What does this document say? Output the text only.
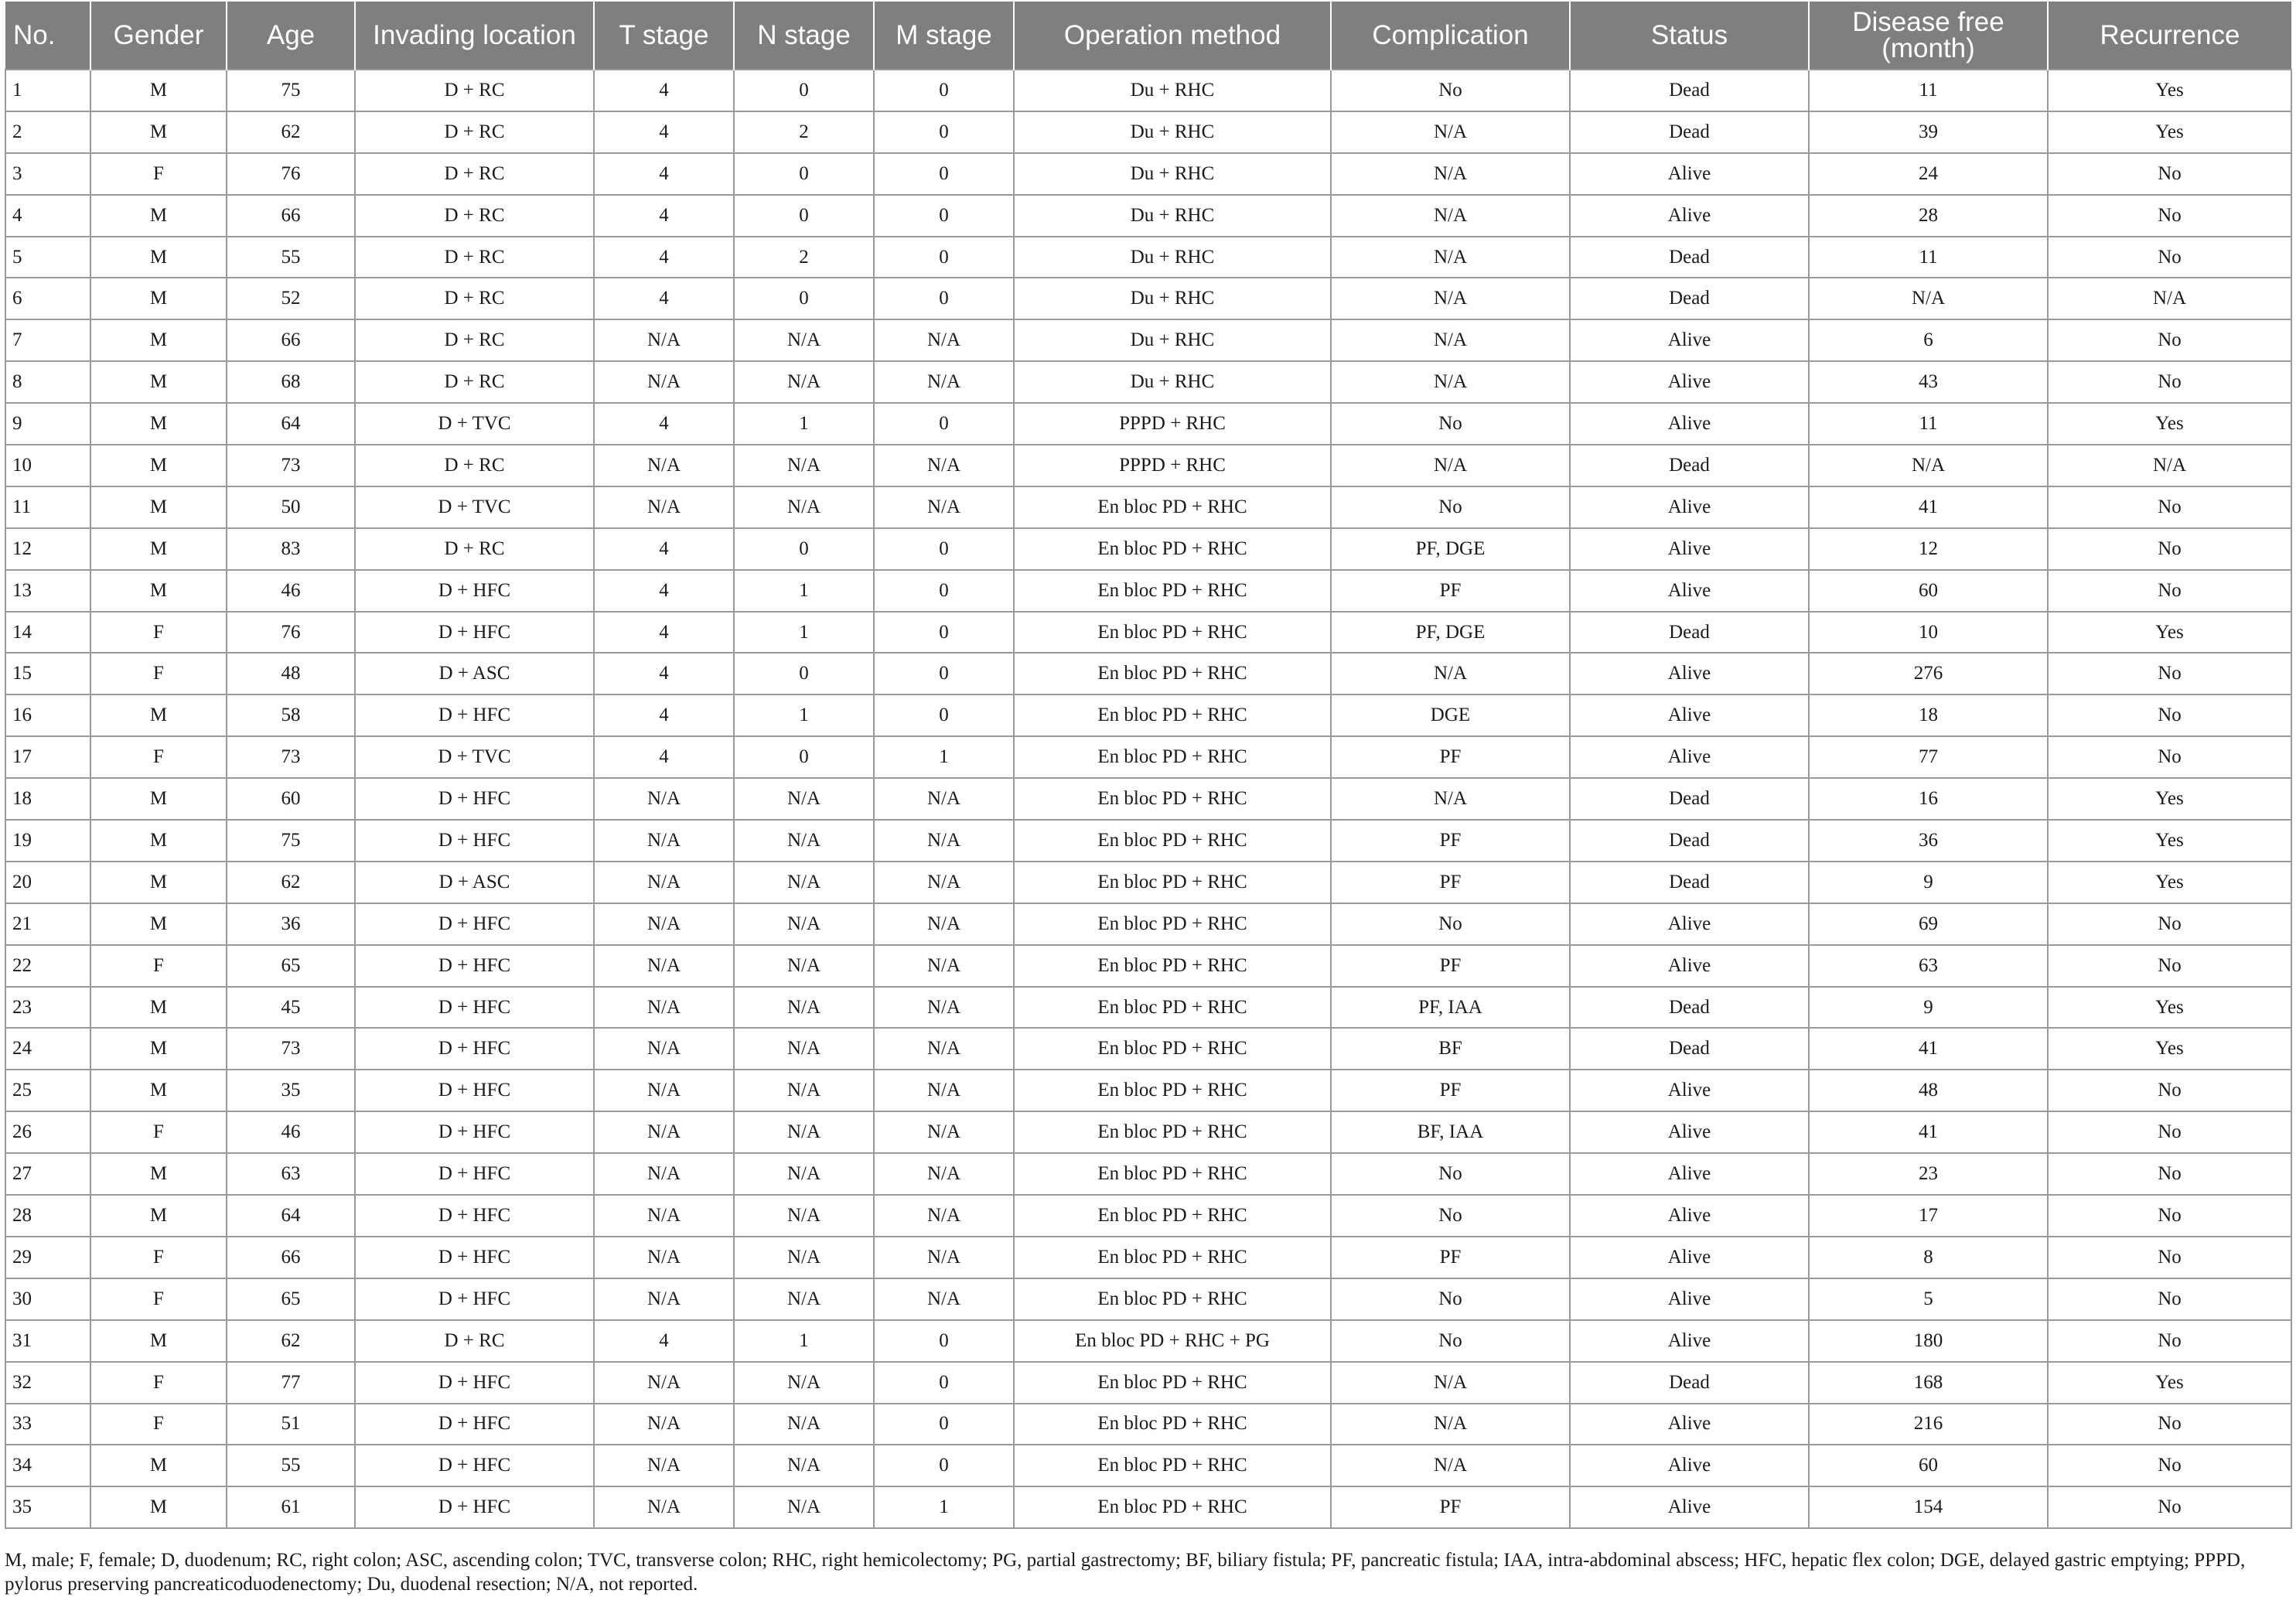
No.	Gender	Age	Invading location	T stage	N stage	M stage	Operation method	Complication	Status	Disease free (month)	Recurrence
1	M	75	D + RC	4	0	0	Du + RHC	No	Dead	11	Yes
2	M	62	D + RC	4	2	0	Du + RHC	N/A	Dead	39	Yes
3	F	76	D + RC	4	0	0	Du + RHC	N/A	Alive	24	No
4	M	66	D + RC	4	0	0	Du + RHC	N/A	Alive	28	No
5	M	55	D + RC	4	2	0	Du + RHC	N/A	Dead	11	No
6	M	52	D + RC	4	0	0	Du + RHC	N/A	Dead	N/A	N/A
7	M	66	D + RC	N/A	N/A	N/A	Du + RHC	N/A	Alive	6	No
8	M	68	D + RC	N/A	N/A	N/A	Du + RHC	N/A	Alive	43	No
9	M	64	D + TVC	4	1	0	PPPD + RHC	No	Alive	11	Yes
10	M	73	D + RC	N/A	N/A	N/A	PPPD + RHC	N/A	Dead	N/A	N/A
11	M	50	D + TVC	N/A	N/A	N/A	En bloc PD + RHC	No	Alive	41	No
12	M	83	D + RC	4	0	0	En bloc PD + RHC	PF, DGE	Alive	12	No
13	M	46	D + HFC	4	1	0	En bloc PD + RHC	PF	Alive	60	No
14	F	76	D + HFC	4	1	0	En bloc PD + RHC	PF, DGE	Dead	10	Yes
15	F	48	D + ASC	4	0	0	En bloc PD + RHC	N/A	Alive	276	No
16	M	58	D + HFC	4	1	0	En bloc PD + RHC	DGE	Alive	18	No
17	F	73	D + TVC	4	0	1	En bloc PD + RHC	PF	Alive	77	No
18	M	60	D + HFC	N/A	N/A	N/A	En bloc PD + RHC	N/A	Dead	16	Yes
19	M	75	D + HFC	N/A	N/A	N/A	En bloc PD + RHC	PF	Dead	36	Yes
20	M	62	D + ASC	N/A	N/A	N/A	En bloc PD + RHC	PF	Dead	9	Yes
21	M	36	D + HFC	N/A	N/A	N/A	En bloc PD + RHC	No	Alive	69	No
22	F	65	D + HFC	N/A	N/A	N/A	En bloc PD + RHC	PF	Alive	63	No
23	M	45	D + HFC	N/A	N/A	N/A	En bloc PD + RHC	PF, IAA	Dead	9	Yes
24	M	73	D + HFC	N/A	N/A	N/A	En bloc PD + RHC	BF	Dead	41	Yes
25	M	35	D + HFC	N/A	N/A	N/A	En bloc PD + RHC	PF	Alive	48	No
26	F	46	D + HFC	N/A	N/A	N/A	En bloc PD + RHC	BF, IAA	Alive	41	No
27	M	63	D + HFC	N/A	N/A	N/A	En bloc PD + RHC	No	Alive	23	No
28	M	64	D + HFC	N/A	N/A	N/A	En bloc PD + RHC	No	Alive	17	No
29	F	66	D + HFC	N/A	N/A	N/A	En bloc PD + RHC	PF	Alive	8	No
30	F	65	D + HFC	N/A	N/A	N/A	En bloc PD + RHC	No	Alive	5	No
31	M	62	D + RC	4	1	0	En bloc PD + RHC + PG	No	Alive	180	No
32	F	77	D + HFC	N/A	N/A	0	En bloc PD + RHC	N/A	Dead	168	Yes
33	F	51	D + HFC	N/A	N/A	0	En bloc PD + RHC	N/A	Alive	216	No
34	M	55	D + HFC	N/A	N/A	0	En bloc PD + RHC	N/A	Alive	60	No
35	M	61	D + HFC	N/A	N/A	1	En bloc PD + RHC	PF	Alive	154	No
M, male; F, female; D, duodenum; RC, right colon; ASC, ascending colon; TVC, transverse colon; RHC, right hemicolectomy; PG, partial gastrectomy; BF, biliary fistula; PF, pancreatic fistula; IAA, intra-abdominal abscess; HFC, hepatic flex colon; DGE, delayed gastric emptying; PPPD, pylorus preserving pancreaticoduodenectomy; Du, duodenal resection; N/A, not reported.
